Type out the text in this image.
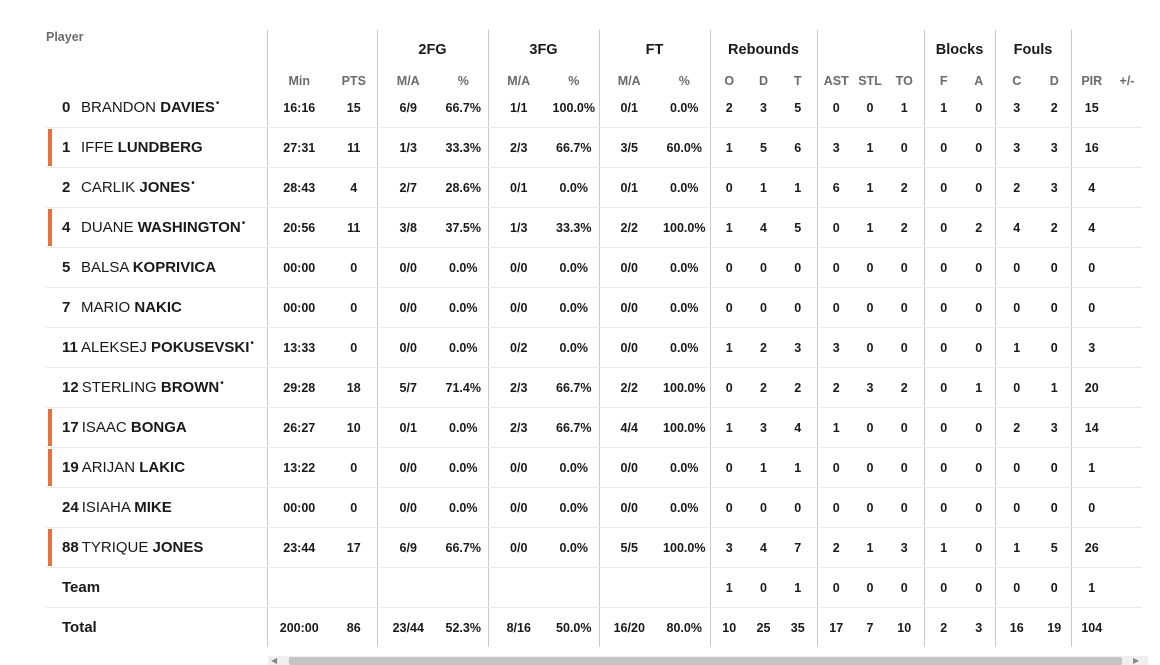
Player			2FG		3FG		FT		Rebounds						Blocks		Fouls			
	Min	PTS	M/A	%	M/A	%	M/A	%	O	D	T	AST	STL	TO	F	A	C	D	PIR	+/-
0 BRANDON DAVIES•	16:16	15	6/9	66.7%	1/1	100.0%	0/1	0.0%	2	3	5	0	0	1	1	0	3	2	15	

1 IFFE LUNDBERG	27:31	11	1/3	33.3%	2/3	66.7%	3/5	60.0%	1	5	6	3	1	0	0	0	3	3	16	
2 CARLIK JONES•	28:43	4	2/7	28.6%	0/1	0.0%	0/1	0.0%	0	1	1	6	1	2	0	0	2	3	4	

4 DUANE WASHINGTON•	20:56	11	3/8	37.5%	1/3	33.3%	2/2	100.0%	1	4	5	0	1	2	0	2	4	2	4	
5 BALSA KOPRIVICA	00:00	0	0/0	0.0%	0/0	0.0%	0/0	0.0%	0	0	0	0	0	0	0	0	0	0	0	
7 MARIO NAKIC	00:00	0	0/0	0.0%	0/0	0.0%	0/0	0.0%	0	0	0	0	0	0	0	0	0	0	0	
11 ALEKSEJ POKUSEVSKI•	13:33	0	0/0	0.0%	0/2	0.0%	0/0	0.0%	1	2	3	3	0	0	0	0	1	0	3	
12 STERLING BROWN•	29:28	18	5/7	71.4%	2/3	66.7%	2/2	100.0%	0	2	2	2	3	2	0	1	0	1	20	

17 ISAAC BONGA	26:27	10	0/1	0.0%	2/3	66.7%	4/4	100.0%	1	3	4	1	0	0	0	0	2	3	14	

19 ARIJAN LAKIC	13:22	0	0/0	0.0%	0/0	0.0%	0/0	0.0%	0	1	1	0	0	0	0	0	0	0	1	
24 ISIAHA MIKE	00:00	0	0/0	0.0%	0/0	0.0%	0/0	0.0%	0	0	0	0	0	0	0	0	0	0	0	

88 TYRIQUE JONES	23:44	17	6/9	66.7%	0/0	0.0%	5/5	100.0%	3	4	7	2	1	3	1	0	1	5	26	
Team									1	0	1	0	0	0	0	0	0	0	1	
Total	200:00	86	23/44	52.3%	8/16	50.0%	16/20	80.0%	10	25	35	17	7	10	2	3	16	19	104	
◀	▶
